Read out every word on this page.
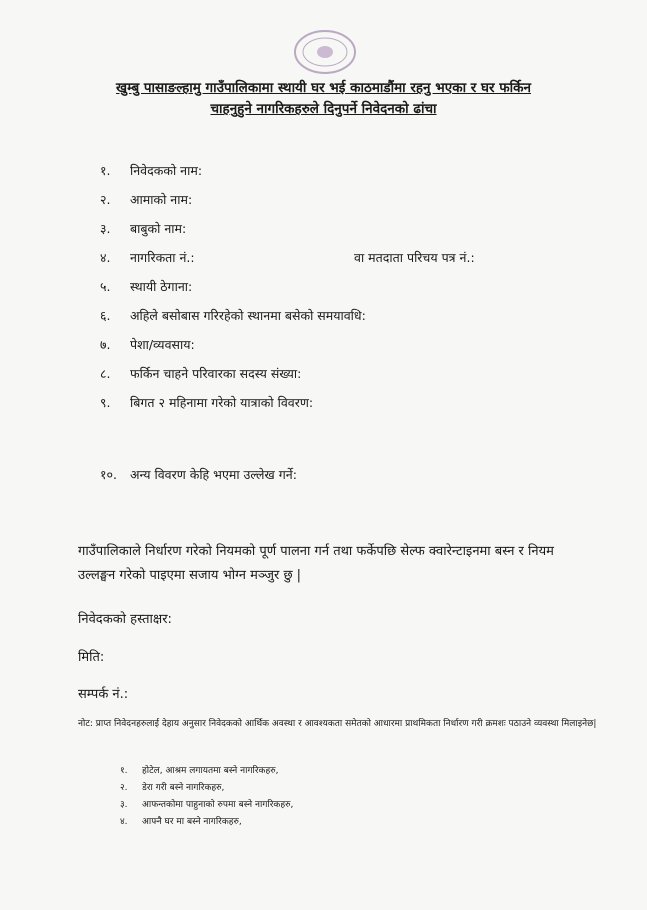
खुम्बु पासाङल्हामु गाउँपालिकामा स्थायी घर भई काठमाडौंमा रहनु भएका र घर फर्किन
चाहनुहुने नागरिकहरुले दिनुपर्ने निवेदनको ढांचा
१. निवेदकको नाम:
२. आमाको नाम:
३. बाबुको नाम:
४. नागरिकता नं.:	वा मतदाता परिचय पत्र नं.:
५. स्थायी ठेगाना:
६. अहिले बसोबास गरिरहेको स्थानमा बसेको समयावधि:
७. पेशा/व्यवसाय:
८. फर्किन चाहने परिवारका सदस्य संख्या:
९. बिगत २ महिनामा गरेको यात्राको विवरण:
१०. अन्य विवरण केहि भएमा उल्लेख गर्ने:
गाउँपालिकाले निर्धारण गरेको नियमको पूर्ण पालना गर्न तथा फर्केपछि सेल्फ क्वारेन्टाइनमा बस्न र नियम उल्लङ्घन गरेको पाइएमा सजाय भोग्न मञ्जुर छु |
निवेदकको हस्ताक्षर:
मिति:
सम्पर्क नं.:
नोट: प्राप्त निवेदनहरुलाई देहाय अनुसार निवेदकको आर्थिक अवस्था र आवश्यकता समेतको आधारमा प्राथमिकता निर्धारण गरी क्रमशः पठाउने व्यवस्था मिलाइनेछ|
१. होटेल, आश्रम लगायतमा बस्ने नागरिकहरु,
२. डेरा गरी बस्ने नागरिकहरु,
३. आफन्तकोमा पाहुनाको रुपमा बस्ने नागरिकहरु,
४. आफ्नै घर मा बस्ने नागरिकहरु,
